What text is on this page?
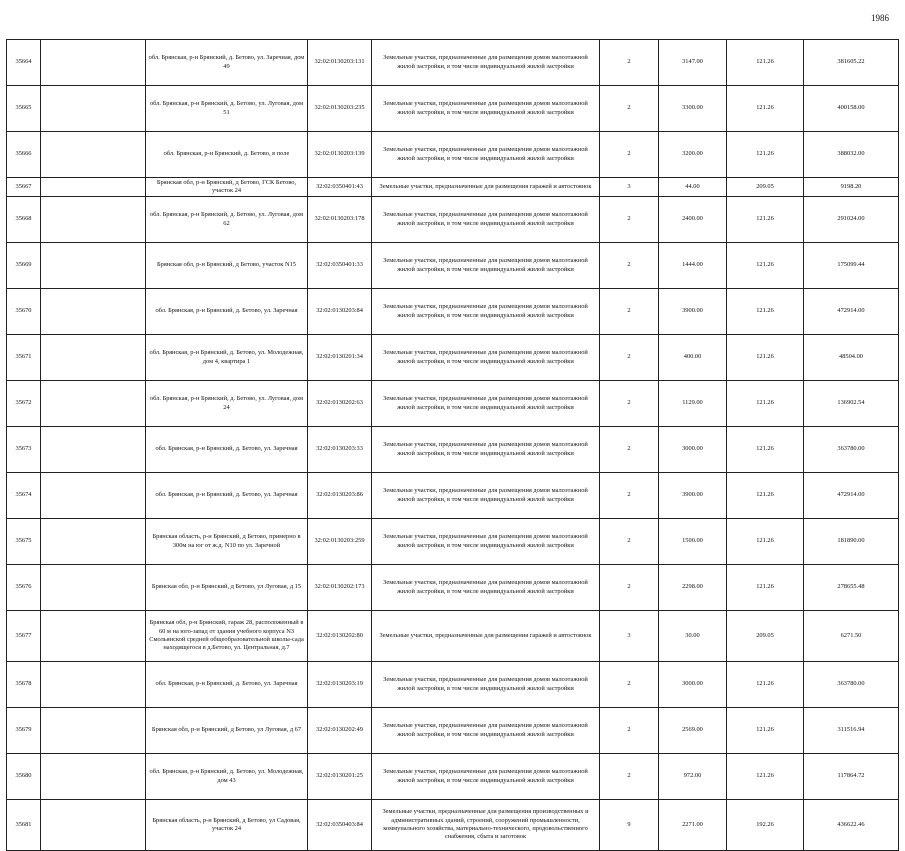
1986
35664		обл. Брянская, р-н Брянский, д. Бетово, ул. Заречная, дом 49	32:02:0130203:131	Земельные участки, предназначенные для размещения домов малоэтажной жилой застройки, в том числе индивидуальной жилой застройки	2	3147.00	121.26	381605.22
35665		обл. Брянская, р-н Брянский, д. Бетово, ул. Луговая, дом 51	32:02:0130203:235	Земельные участки, предназначенные для размещения домов малоэтажной жилой застройки, в том числе индивидуальной жилой застройки	2	3300.00	121.26	400158.00
35666		обл. Брянская, р-н Брянский, д. Бетово, в поле	32:02:0130203:139	Земельные участки, предназначенные для размещения домов малоэтажной жилой застройки, в том числе индивидуальной жилой застройки	2	3200.00	121.26	388032.00
35667		Брянская обл, р-н Брянский, д Бетово, ГСК Бетово, участок 24	32:02:0350401:43	Земельные участки, предназначенные для размещения гаражей и автостоянок	3	44.00	209.05	9198.20
35668		обл. Брянская, р-н Брянский, д. Бетово, ул. Луговая, дом 62	32:02:0130203:178	Земельные участки, предназначенные для размещения домов малоэтажной жилой застройки, в том числе индивидуальной жилой застройки	2	2400.00	121.26	291024.00
35669		Брянская обл, р-н Брянский, д Бетово, участок N15	32:02:0350401:33	Земельные участки, предназначенные для размещения домов малоэтажной жилой застройки, в том числе индивидуальной жилой застройки	2	1444.00	121.26	175099.44
35670		обл. Брянская, р-н Брянский, д. Бетово, ул. Заречная	32:02:0130203:84	Земельные участки, предназначенные для размещения домов малоэтажной жилой застройки, в том числе индивидуальной жилой застройки	2	3900.00	121.26	472914.00
35671		обл. Брянская, р-н Брянский, д. Бетово, ул. Молодежная, дом 4, квартира 1	32:02:0130201:34	Земельные участки, предназначенные для размещения домов малоэтажной жилой застройки, в том числе индивидуальной жилой застройки	2	400.00	121.26	48504.00
35672		обл. Брянская, р-н Брянский, д. Бетово, ул. Луговая, дом 24	32:02:0130202:63	Земельные участки, предназначенные для размещения домов малоэтажной жилой застройки, в том числе индивидуальной жилой застройки	2	1129.00	121.26	136902.54
35673		обл. Брянская, р-н Брянский, д. Бетово, ул. Заречная	32:02:0130203:33	Земельные участки, предназначенные для размещения домов малоэтажной жилой застройки, в том числе индивидуальной жилой застройки	2	3000.00	121.26	363780.00
35674		обл. Брянская, р-н Брянский, д. Бетово, ул. Заречная	32:02:0130203:86	Земельные участки, предназначенные для размещения домов малоэтажной жилой застройки, в том числе индивидуальной жилой застройки	2	3900.00	121.26	472914.00
35675		Брянская область, р-н Брянский, д Бетово, примерно в 300м на юг от ж.д. N10 по ул. Заречной	32:02:0130203:259	Земельные участки, предназначенные для размещения домов малоэтажной жилой застройки, в том числе индивидуальной жилой застройки	2	1500.00	121.26	181890.00
35676		Брянская обл, р-н Брянский, д Бетово, ул Луговая, д 15	32:02:0130202:173	Земельные участки, предназначенные для размещения домов малоэтажной жилой застройки, в том числе индивидуальной жилой застройки	2	2298.00	121.26	278655.48
35677		Брянская обл, р-н Брянский, гараж 28, расположенный в 60 м на юго-запад от здания учебного корпуса N3 Смольянской средней общеобразовательной школы-сада находящегося в д.Бетово, ул. Центральная, д.7	32:02:0130202:80	Земельные участки, предназначенные для размещения гаражей и автостоянок	3	30.00	209.05	6271.50
35678		обл. Брянская, р-н Брянский, д. Бетово, ул. Заречная	32:02:0130203:19	Земельные участки, предназначенные для размещения домов малоэтажной жилой застройки, в том числе индивидуальной жилой застройки	2	3000.00	121.26	363780.00
35679		Брянская обл, р-н Брянский, д Бетово, ул Луговая, д 67	32:02:0130202:49	Земельные участки, предназначенные для размещения домов малоэтажной жилой застройки, в том числе индивидуальной жилой застройки	2	2569.00	121.26	311516.94
35680		обл. Брянская, р-н Брянский, д. Бетово, ул. Молодежная, дом 43	32:02:0130201:25	Земельные участки, предназначенные для размещения домов малоэтажной жилой застройки, в том числе индивидуальной жилой застройки	2	972.00	121.26	117864.72
35681		Брянская область, р-н Брянский, д Бетово, ул Садовая, участок 24	32:02:0350403:84	Земельные участки, предназначенные для размещения производственных и административных зданий, строений, сооружений промышленности, коммунального хозяйства, материально-технического, продовольственного снабжения, сбыта и заготовок	9	2271.00	192.26	436622.46
